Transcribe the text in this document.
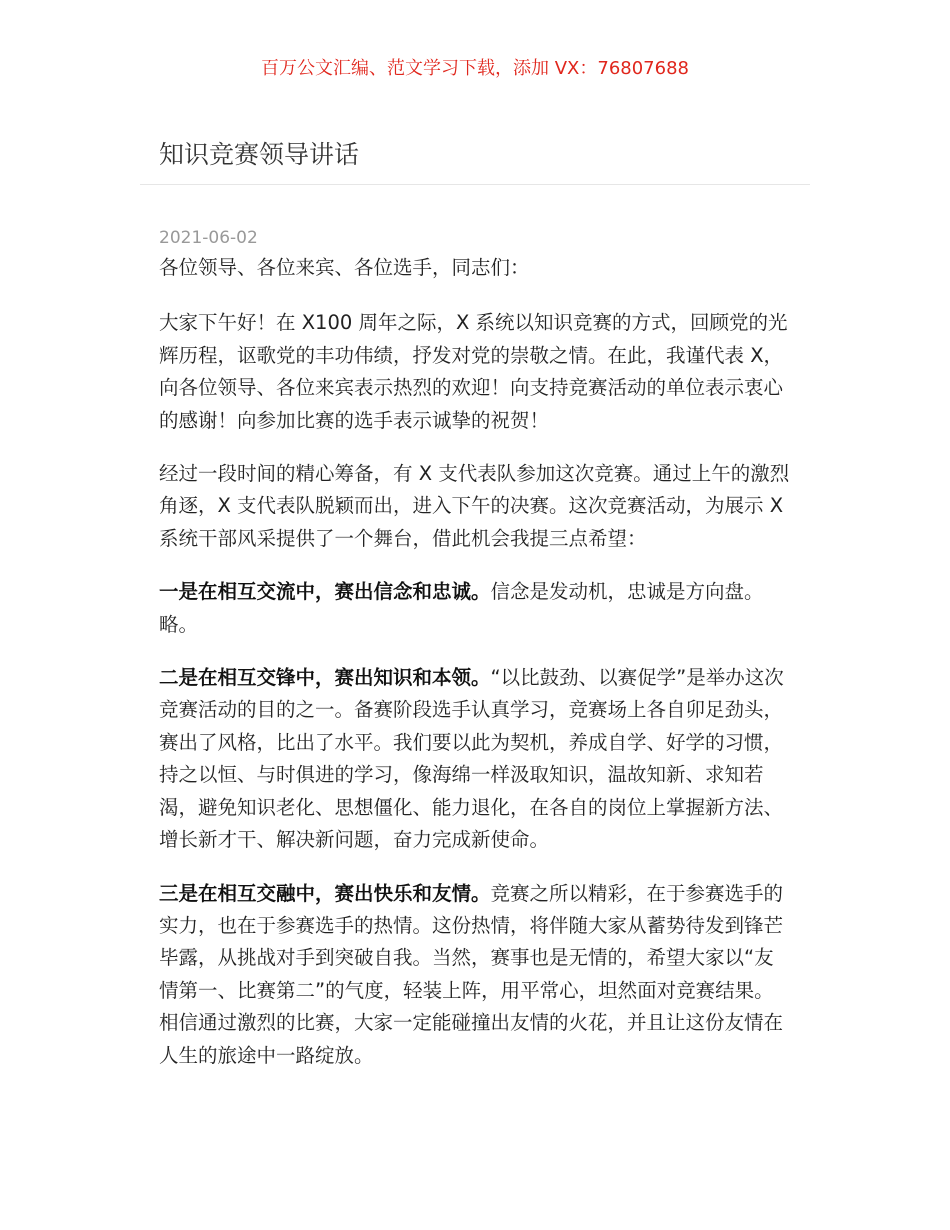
百万公文汇编、范文学习下载，添加 VX：76807688
知识竞赛领导讲话
2021-06-02

各位领导、各位来宾、各位选手，同志们：

大家下午好！在 X100 周年之际，X 系统以知识竞赛的方式，回顾党的光辉历程，讴歌党的丰功伟绩，抒发对党的崇敬之情。在此，我谨代表 X，向各位领导、各位来宾表示热烈的欢迎！向支持竞赛活动的单位表示衷心的感谢！向参加比赛的选手表示诚挚的祝贺！

经过一段时间的精心筹备，有 X 支代表队参加这次竞赛。通过上午的激烈角逐，X 支代表队脱颖而出，进入下午的决赛。这次竞赛活动，为展示 X 系统干部风采提供了一个舞台，借此机会我提三点希望：

一是在相互交流中，赛出信念和忠诚。信念是发动机，忠诚是方向盘。略。

二是在相互交锋中，赛出知识和本领。“以比鼓劲、以赛促学”是举办这次竞赛活动的目的之一。备赛阶段选手认真学习，竞赛场上各自卯足劲头，赛出了风格，比出了水平。我们要以此为契机，养成自学、好学的习惯，持之以恒、与时俱进的学习，像海绵一样汲取知识，温故知新、求知若渴，避免知识老化、思想僵化、能力退化，在各自的岗位上掌握新方法、增长新才干、解决新问题，奋力完成新使命。

三是在相互交融中，赛出快乐和友情。竞赛之所以精彩，在于参赛选手的实力，也在于参赛选手的热情。这份热情，将伴随大家从蓄势待发到锋芒毕露，从挑战对手到突破自我。当然，赛事也是无情的，希望大家以“友情第一、比赛第二”的气度，轻装上阵，用平常心，坦然面对竞赛结果。相信通过激烈的比赛，大家一定能碰撞出友情的火花，并且让这份友情在人生的旅途中一路绽放。
